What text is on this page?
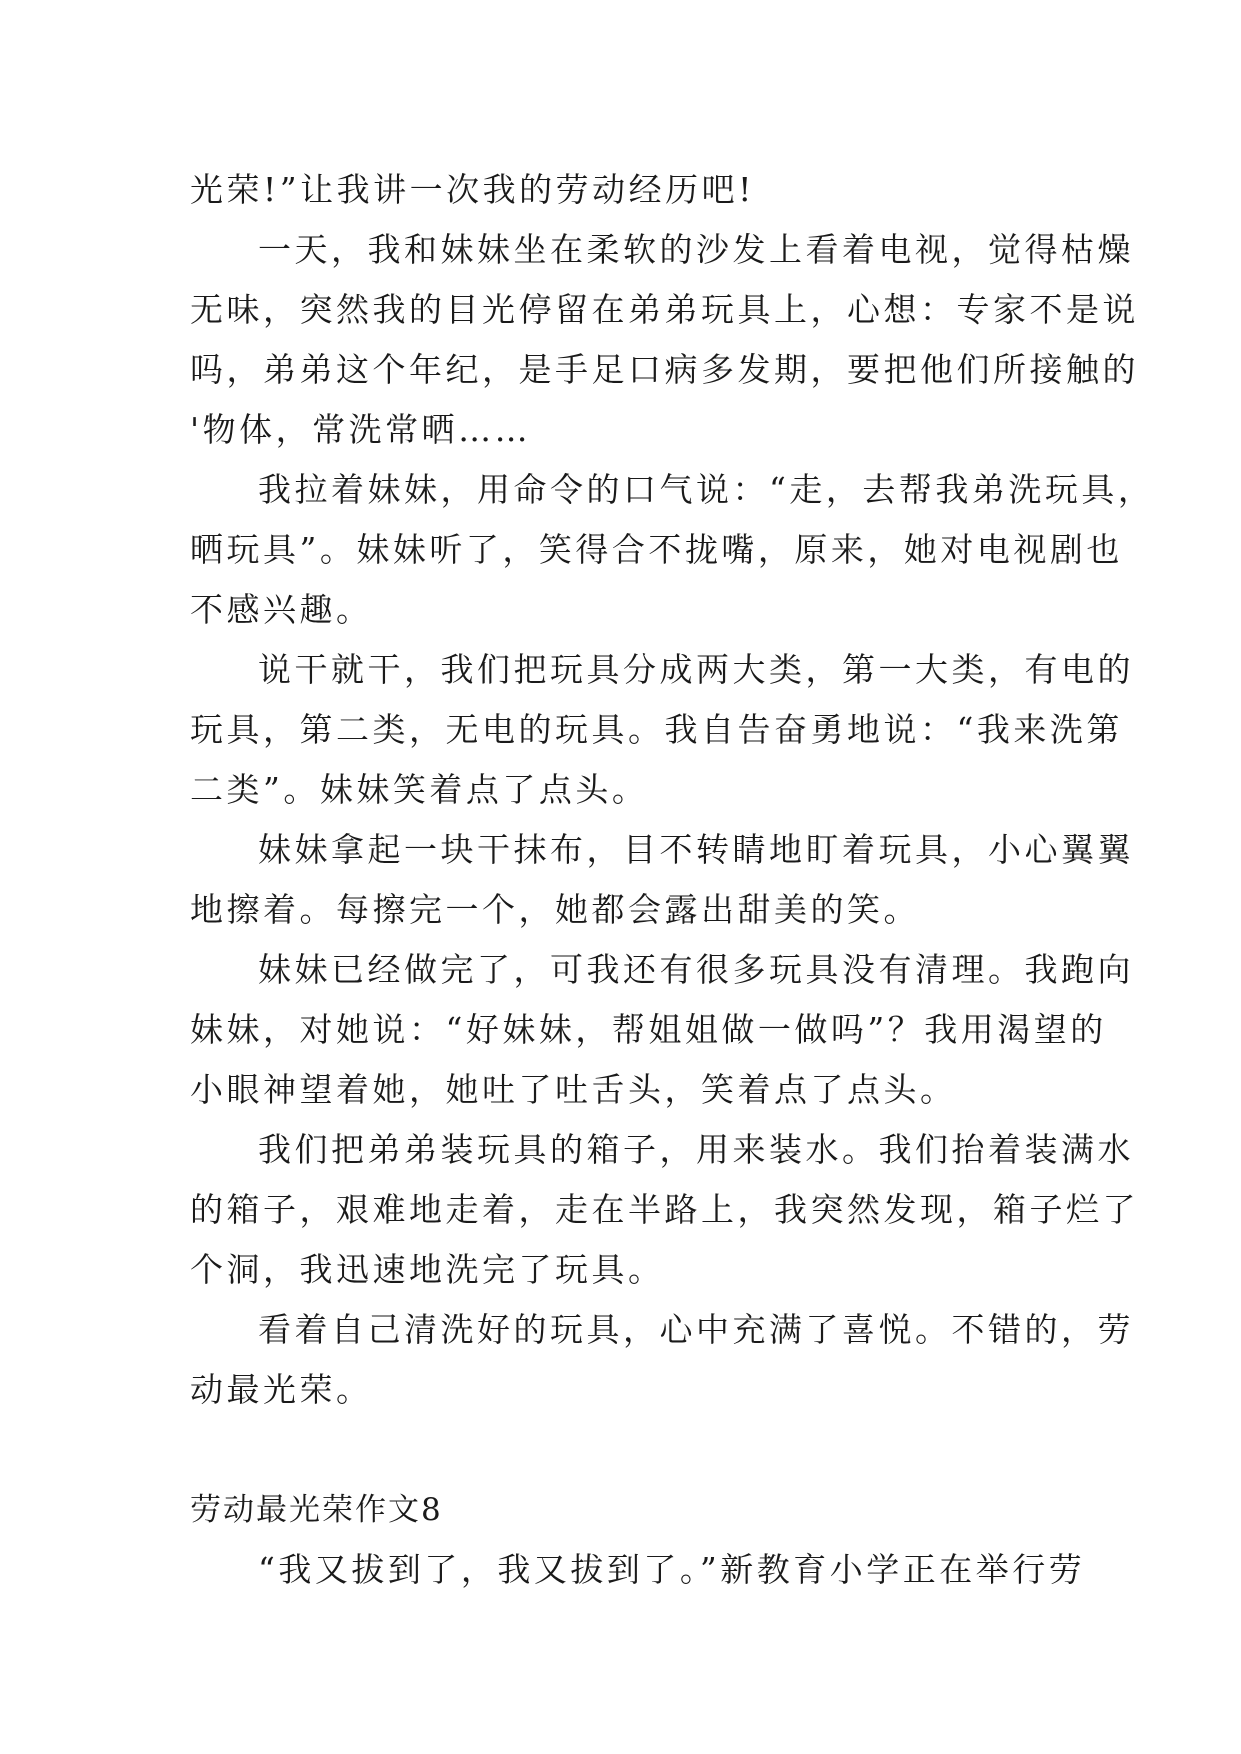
光荣!”让我讲一次我的劳动经历吧!
一天，我和妹妹坐在柔软的沙发上看着电视，觉得枯燥
无味，突然我的目光停留在弟弟玩具上，心想：专家不是说
吗，弟弟这个年纪，是手足口病多发期，要把他们所接触的
'物体，常洗常晒……
我拉着妹妹，用命令的口气说：“走，去帮我弟洗玩具，
晒玩具”。妹妹听了，笑得合不拢嘴，原来，她对电视剧也
不感兴趣。
说干就干，我们把玩具分成两大类，第一大类，有电的
玩具，第二类，无电的玩具。我自告奋勇地说：“我来洗第
二类”。妹妹笑着点了点头。
妹妹拿起一块干抹布，目不转睛地盯着玩具，小心翼翼
地擦着。每擦完一个，她都会露出甜美的笑。
妹妹已经做完了，可我还有很多玩具没有清理。我跑向
妹妹，对她说：“好妹妹，帮姐姐做一做吗”？我用渴望的
小眼神望着她，她吐了吐舌头，笑着点了点头。
我们把弟弟装玩具的箱子，用来装水。我们抬着装满水
的箱子，艰难地走着，走在半路上，我突然发现，箱子烂了
个洞，我迅速地洗完了玩具。
看着自己清洗好的玩具，心中充满了喜悦。不错的，劳
动最光荣。
劳动最光荣作文8
“我又拔到了，我又拔到了。”新教育小学正在举行劳
